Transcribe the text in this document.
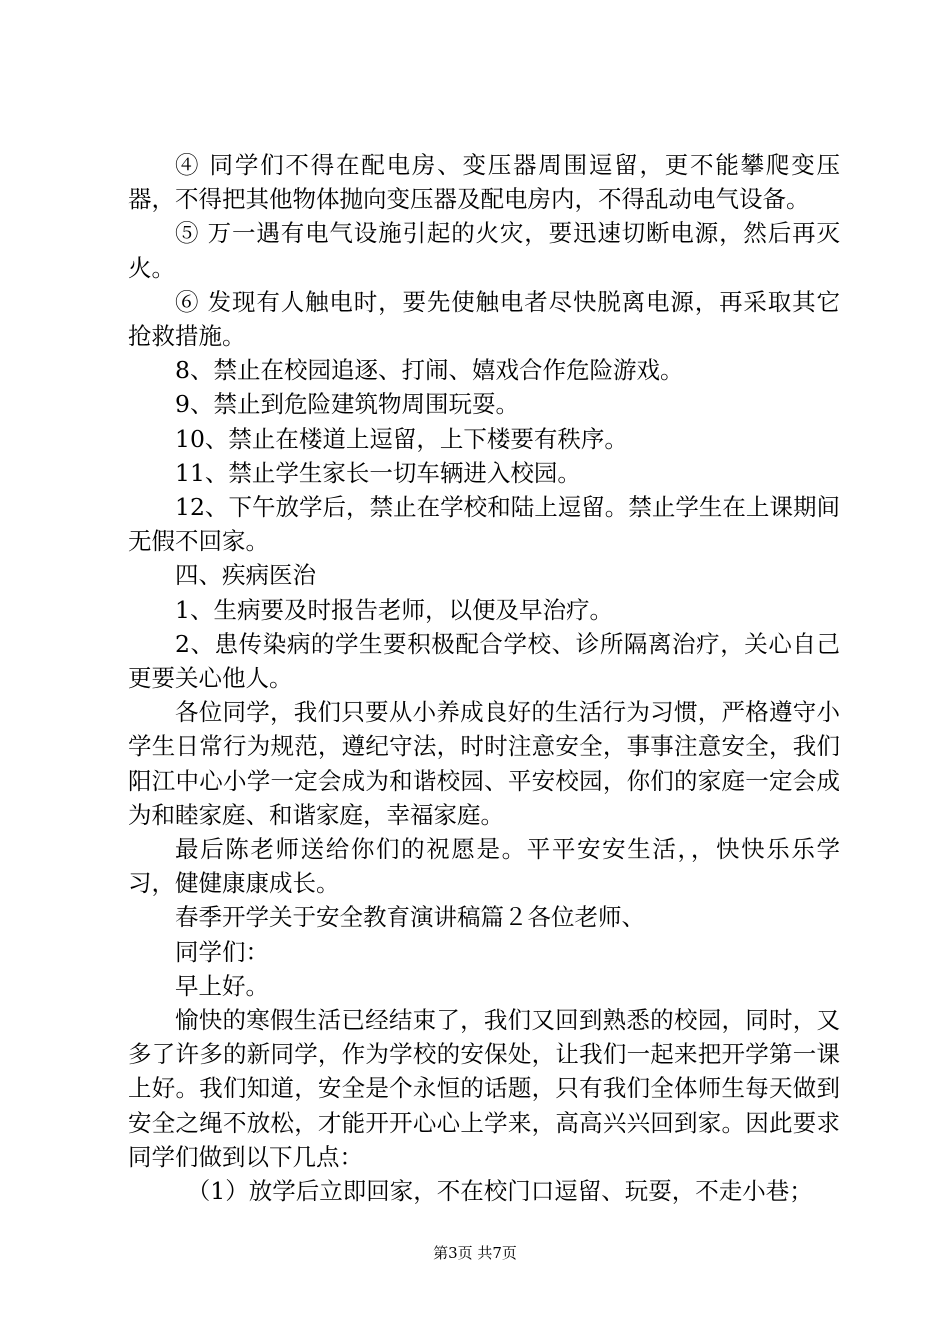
④ 同学们不得在配电房、变压器周围逗留，更不能攀爬变压器，不得把其他物体抛向变压器及配电房内，不得乱动电气设备。

⑤ 万一遇有电气设施引起的火灾，要迅速切断电源，然后再灭火。

⑥ 发现有人触电时，要先使触电者尽快脱离电源，再采取其它抢救措施。

8、禁止在校园追逐、打闹、嬉戏合作危险游戏。

9、禁止到危险建筑物周围玩耍。

10、禁止在楼道上逗留，上下楼要有秩序。

11、禁止学生家长一切车辆进入校园。

12、下午放学后，禁止在学校和陆上逗留。禁止学生在上课期间无假不回家。

四、疾病医治

1、生病要及时报告老师，以便及早治疗。

2、患传染病的学生要积极配合学校、诊所隔离治疗，关心自己更要关心他人。

各位同学，我们只要从小养成良好的生活行为习惯，严格遵守小学生日常行为规范，遵纪守法，时时注意安全，事事注意安全，我们阳江中心小学一定会成为和谐校园、平安校园，你们的家庭一定会成为和睦家庭、和谐家庭，幸福家庭。

最后陈老师送给你们的祝愿是。平平安安生活，，快快乐乐学习，健健康康成长。

春季开学关于安全教育演讲稿篇２各位老师、

同学们：

早上好。

愉快的寒假生活已经结束了，我们又回到熟悉的校园，同时，又多了许多的新同学，作为学校的安保处，让我们一起来把开学第一课上好。我们知道，安全是个永恒的话题，只有我们全体师生每天做到安全之绳不放松，才能开开心心上学来，高高兴兴回到家。因此要求同学们做到以下几点：

（1）放学后立即回家，不在校门口逗留、玩耍，不走小巷；

第3页 共7页
